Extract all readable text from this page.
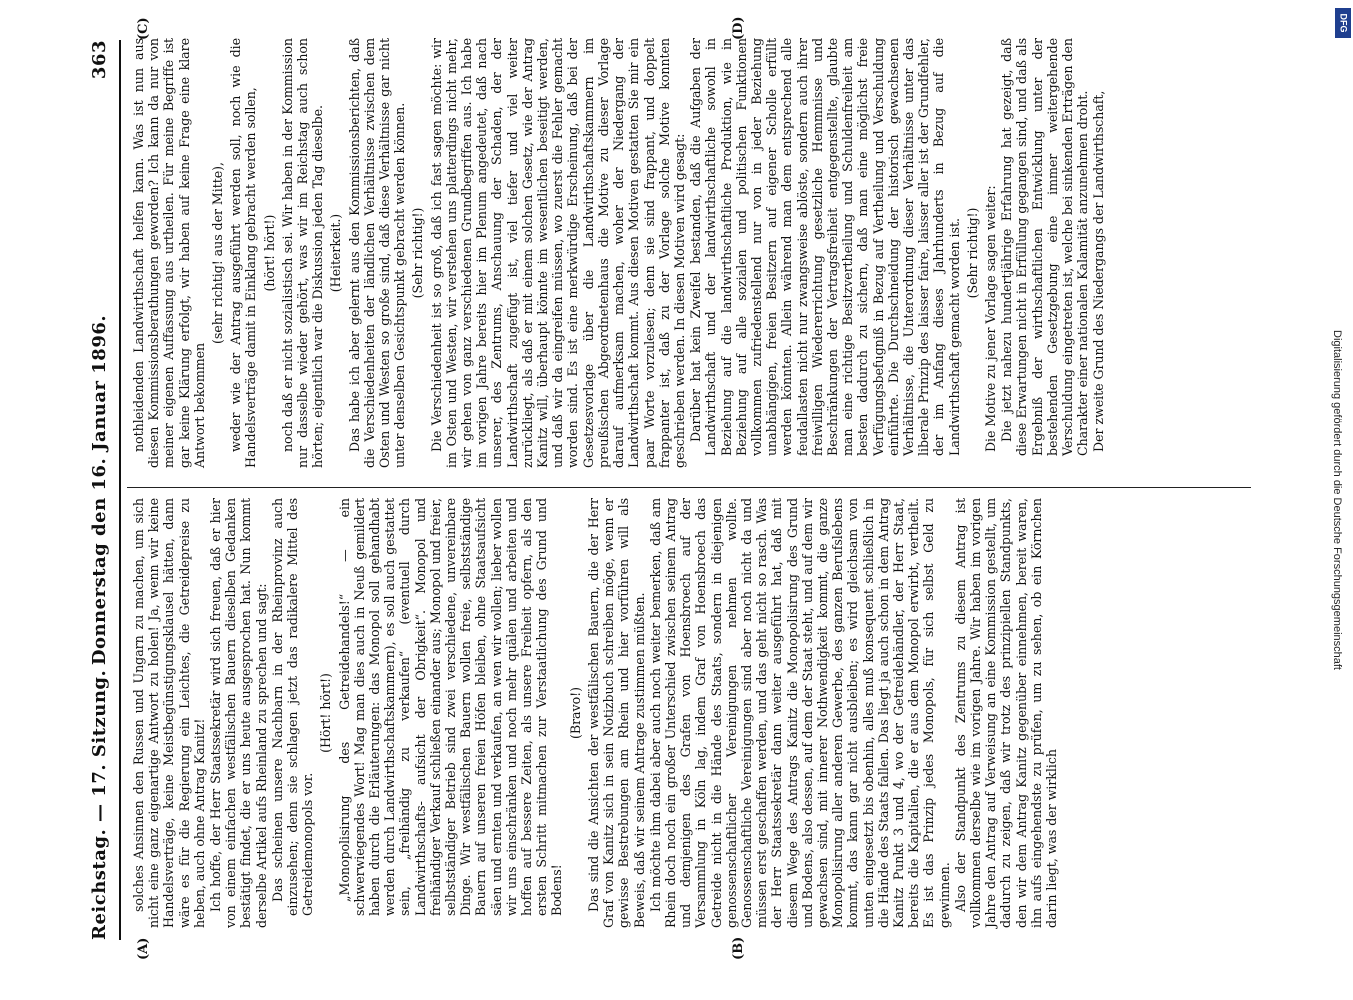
Reichstag. — 17. Sitzung.
Donnerstag den 16. Januar 1896.
363
(A)	(B)
(C)	(D)

solches Ansinnen den Russen und Ungarn zu machen, um sich nicht eine ganz eigenartige Antwort zu holen! Ja, wenn wir keine Handelsverträge, keine Meistbegünstigungsklausel hätten, dann wäre es für die Regierung ein Leichtes, die Getreidepreise zu heben, auch ohne Antrag Kanitz! Ich hoffe, der Herr Staatssekretär wird sich freuen, daß er hier von einem einfachen westfälischen Bauern dieselben Gedanken bestätigt findet, die er uns heute ausgesprochen hat. Nun kommt derselbe Artikel aufs Rheinland zu sprechen und sagt: Das scheinen unsere Nachbarn in der Rheinprovinz auch einzusehen; denn sie schlagen jetzt das radikalere Mittel des Getreidemonopols vor.

(Hört! hört!) „Monopolisirung des Getreidehandels!“ — ein schwerwiegendes Wort! Mag man dies auch in Neuß gemildert haben durch die Erläuterungen: das Monopol soll gehandhabt werden durch Landwirthschaftskammern), es soll auch gestattet sein, „freihändig zu verkaufen“ (eventuell durch Landwirthschafts- aufsicht der Obrigkeit“. Monopol und freihändiger Verkauf schließen einander aus; Monopol und freier, selbstständiger Betrieb sind zwei verschiedene, unvereinbare Dinge. Wir westfälischen Bauern wollen freie, selbstständige Bauern auf unseren freien Höfen bleiben, ohne Staatsaufsicht säen und ernten und verkaufen, an wen wir wollen; lieber wollen wir uns einschränken und noch mehr quälen und arbeiten und hoffen auf bessere Zeiten, als unsere Freiheit opfern, als den ersten Schritt mitmachen zur Verstaatlichung des Grund und Bodens!

(Bravo!) Das sind die Ansichten der westfälischen Bauern, die der Herr Graf von Kanitz sich in sein Notizbuch schreiben möge, wenn er gewisse Bestrebungen am Rhein und hier vorführen will als Beweis, daß wir seinem Antrage zustimmen müßten. Ich möchte ihm dabei aber auch noch weiter bemerken, daß am Rhein doch noch ein großer Unterschied zwischen seinem Antrag und demjenigen des Grafen von Hoensbroech auf der Versammlung in Köln lag, indem Graf von Hoensbroech das Getreide nicht in die Hände des Staats, sondern in diejenigen genossenschaftlicher Vereinigungen nehmen wollte. Genossenschaftliche Vereinigungen sind aber noch nicht da und müssen erst geschaffen werden, und das geht nicht so rasch. Was der Herr Staatssekretär dann weiter ausgeführt hat, daß mit diesem Wege des Antrags Kanitz die Monopolisirung des Grund und Bodens, also dessen, auf dem der Staat steht, und auf dem wir gewachsen sind, mit innerer Nothwendigkeit kommt, die ganze Monopolisirung aller anderen Gewerbe, des ganzen Berufslebens kommt, das kann gar nicht ausbleiben; es wird gleichsam von unten eingesetzt bis obenhin, alles muß konsequent schließlich in die Hände des Staats fallen. Das liegt ja auch schon in dem Antrag Kanitz Punkt 3 und 4, wo der Getreidehändler, der Herr Staat, bereits die Kapitalien, die er aus dem Monopol erwirbt, vertheilt. Es ist das Prinzip jedes Monopols, für sich selbst Geld zu gewinnen. Also der Standpunkt des Zentrums zu diesem Antrag ist vollkommen derselbe wie im vorigen Jahre. Wir haben im vorigen Jahre den Antrag auf Verweisung an eine Kommission gestellt, um dadurch zu zeigen, daß wir trotz des prinzipiellen Standpunkts, den wir dem Antrag Kanitz gegenüber einnehmen, bereit waren, ihn aufs eingehendste zu prüfen, um zu sehen, ob ein Körnchen darin liegt, was der wirklich

nothleidenden Landwirthschaft helfen kann. Was ist nun aus diesen Kommissionsberathungen geworden? Ich kann da nur von meiner eigenen Auffassung aus urtheilen. Für meine Begriffe ist gar keine Klärung erfolgt, wir haben auf keine Frage eine klare Antwort bekommen

(sehr richtig! aus der Mitte), weder wie der Antrag ausgeführt werden soll, noch wie die Handelsverträge damit in Einklang gebracht werden sollen, (hört! hört!) noch daß er nicht sozialistisch sei. Wir haben in der Kommission nur dasselbe wieder gehört, was wir im Reichstag auch schon hörten; eigentlich war die Diskussion jeden Tag dieselbe. (Heiterkeit.) Das habe ich aber gelernt aus den Kommissionsberichten, daß die Verschiedenheiten der ländlichen Verhältnisse zwischen dem Osten und Westen so große sind, daß diese Verhältnisse gar nicht unter denselben Gesichtspunkt gebracht werden können. (Sehr richtig!) Die Verschiedenheit ist so groß, daß ich fast sagen möchte: wir im Osten und Westen, wir verstehen uns platterdings nicht mehr, wir gehen von ganz verschiedenen Grundbegriffen aus. Ich habe im vorigen Jahre bereits hier im Plenum angedeutet, daß nach unserer, des Zentrums, Anschauung der Schaden, der der Landwirthschaft zugefügt ist, viel tiefer und viel weiter zurückliegt, als daß er mit einem solchen Gesetz, wie der Antrag Kanitz will, überhaupt könnte im wesentlichen beseitigt werden, und daß wir da eingreifen müssen, wo zuerst die Fehler gemacht worden sind. Es ist eine merkwürdige Erscheinung, daß bei der Gesetzesvorlage über die Landwirthschaftskammern im preußischen Abgeordnetenhaus die Motive zu dieser Vorlage darauf aufmerksam machen, woher der Niedergang der Landwirthschaft kommt. Aus diesen Motiven gestatten Sie mir ein paar Worte vorzulesen; denn sie sind frappant, und doppelt frappanter ist, daß zu der Vorlage solche Motive konnten geschrieben werden. In diesen Motiven wird gesagt: Darüber hat kein Zweifel bestanden, daß die Aufgaben der Landwirthschaft und der landwirthschaftliche sowohl in Beziehung auf die landwirthschaftliche Produktion, wie in Beziehung auf alle sozialen und politischen Funktionen vollkommen zufriedenstellend nur von in jeder Beziehung unabhängigen, freien Besitzern auf eigener Scholle erfüllt werden könnten. Allein während man dem entsprechend alle feudallasten nicht nur zwangsweise ablöste, sondern auch ihrer freiwilligen Wiedererrichtung gesetzliche Hemmnisse und Beschränkungen der Vertragsfreiheit entgegenstellte, glaubte man eine richtige Besitzvertheilung und Schuldenfreiheit am besten dadurch zu sichern, daß man eine möglichst freie Verfügungsbefugniß in Bezug auf Vertheilung und Verschuldung einführte. Die Durchschneidung der historisch gewachsenen Verhältnisse, die Unterordnung dieser Verhältnisse unter das liberale Prinzip des laisser faire, laisser aller ist der Grundfehler, der im Anfang dieses Jahrhunderts in Bezug auf die Landwirthschaft gemacht worden ist. (Sehr richtig!) Die Motive zu jener Vorlage sagen weiter: Die jetzt nahezu hundertjährige Erfahrung hat gezeigt, daß diese Erwartungen nicht in Erfüllung gegangen sind, und daß als Ergebniß der wirthschaftlichen Entwicklung unter der bestehenden Gesetzgebung eine immer weitergehende Verschuldung eingetreten ist, welche bei sinkenden Erträgen den Charakter einer nationalen Kalamität anzunehmen droht. Der zweite Grund des Niedergangs der Landwirthschaft,

DFG
Digitalisierung gefördert durch die Deutsche Forschungsgemeinschaft
